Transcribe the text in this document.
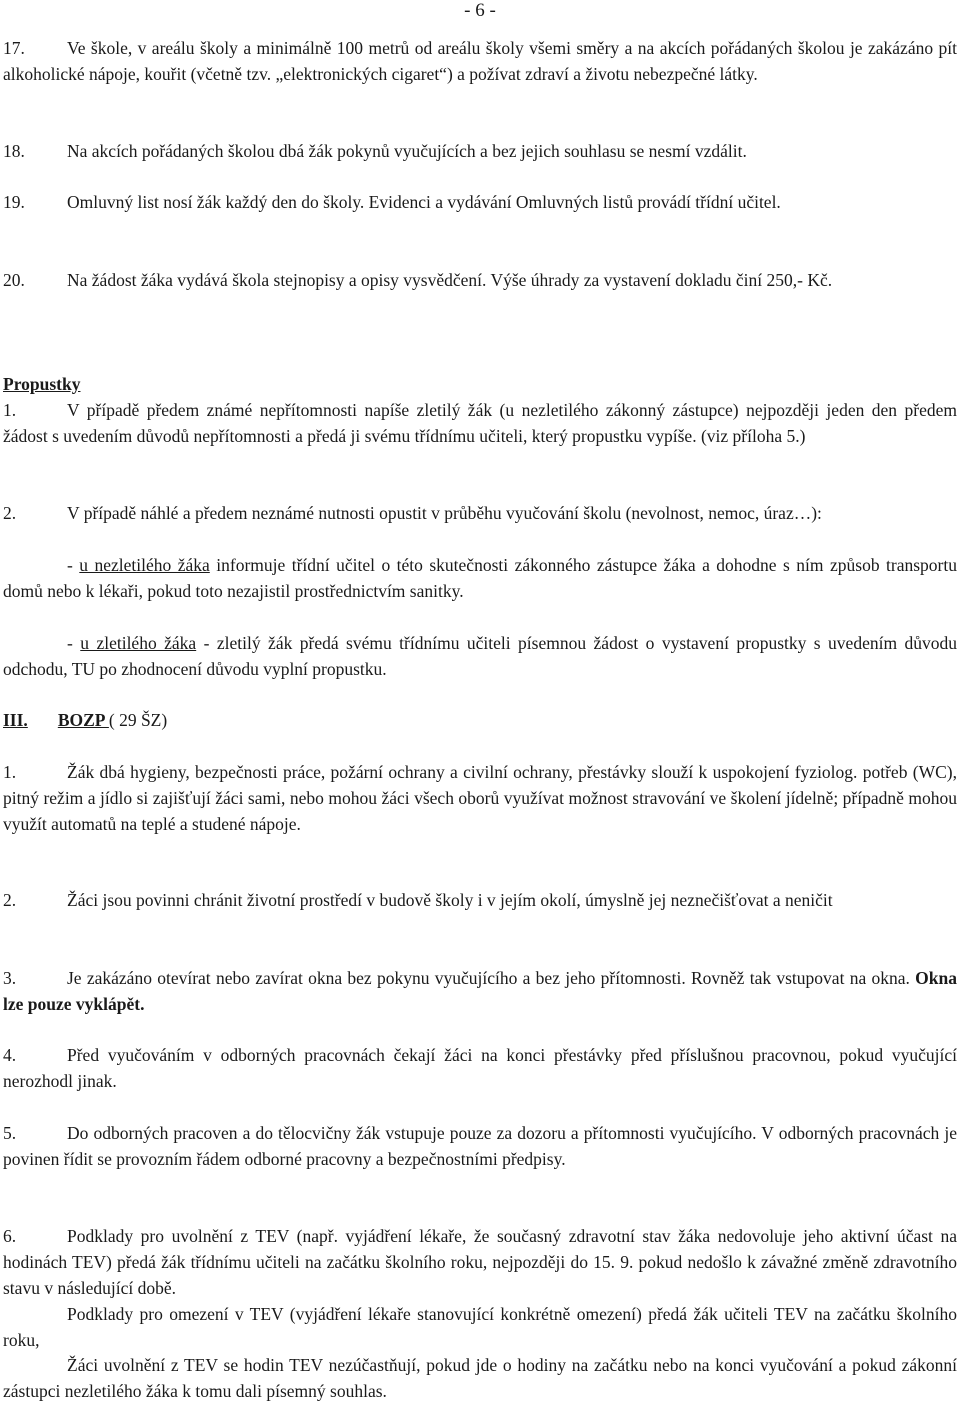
- 6 -
17. Ve škole, v areálu školy a minimálně 100 metrů od areálu školy všemi směry a na akcích pořádaných školou je zakázáno pít alkoholické nápoje, kouřit (včetně tzv. „elektronických cigaret“) a požívat zdraví a životu nebezpečné látky.
18. Na akcích pořádaných školou dbá žák pokynů vyučujících a bez jejich souhlasu se nesmí vzdálit.
19. Omluvný list nosí žák každý den do školy. Evidenci a vydávání Omluvných listů provádí třídní učitel.
20. Na žádost žáka vydává škola stejnopisy a opisy vysvědčení. Výše úhrady za vystavení dokladu činí 250,- Kč.
Propustky
1.	V případě předem známé nepřítomnosti napíše zletilý žák (u nezletilého zákonný zástupce) nejpozději jeden den předem žádost s uvedením důvodů nepřítomnosti a předá ji svému třídnímu učiteli, který propustku vypíše. (viz příloha 5.)
2.	V případě náhlé a předem neznámé nutnosti opustit v průběhu vyučování školu (nevolnost, nemoc, úraz…):
- u nezletilého žáka informuje třídní učitel o této skutečnosti zákonného zástupce žáka a dohodne s ním způsob transportu domů nebo k lékaři, pokud toto nezajistil prostřednictvím sanitky.
- u zletilého žáka - zletilý žák předá svému třídnímu učiteli písemnou žádost o vystavení propustky s uvedením důvodu odchodu, TU po zhodnocení důvodu vyplní propustku.
III. BOZP ( 29 ŠZ)
1.	Žák dbá hygieny, bezpečnosti práce, požární ochrany a civilní ochrany, přestávky slouží k uspokojení fyziolog. potřeb (WC), pitný režim a jídlo si zajišťují žáci sami, nebo mohou žáci všech oborů využívat možnost stravování ve školení jídelně; případně mohou využít automatů na teplé a studené nápoje.
2.	Žáci jsou povinni chránit životní prostředí v budově školy i v jejím okolí, úmyslně jej neznečišťovat a neničit
3.	Je zakázáno otevírat nebo zavírat okna bez pokynu vyučujícího a bez jeho přítomnosti. Rovněž tak vstupovat na okna. Okna lze pouze vyklápět.
4.	Před vyučováním v odborných pracovnách čekají žáci na konci přestávky před příslušnou pracovnou, pokud vyučující nerozhodl jinak.
5.	Do odborných pracoven a do tělocvičny žák vstupuje pouze za dozoru a přítomnosti vyučujícího. V odborných pracovnách je povinen řídit se provozním řádem odborné pracovny a bezpečnostními předpisy.
6.	Podklady pro uvolnění z TEV (např. vyjádření lékaře, že současný zdravotní stav žáka nedovoluje jeho aktivní účast na hodinách TEV) předá žák třídnímu učiteli na začátku školního roku, nejpozději do 15. 9. pokud nedošlo k závažné změně zdravotního stavu v následující době.
Podklady pro omezení v TEV (vyjádření lékaře stanovující konkrétně omezení) předá žák učiteli TEV na začátku školního roku,
Žáci uvolnění z TEV se hodin TEV nezúčastňují, pokud jde o hodiny na začátku nebo na konci vyučování a pokud zákonní zástupci nezletilého žáka k tomu dali písemný souhlas.
